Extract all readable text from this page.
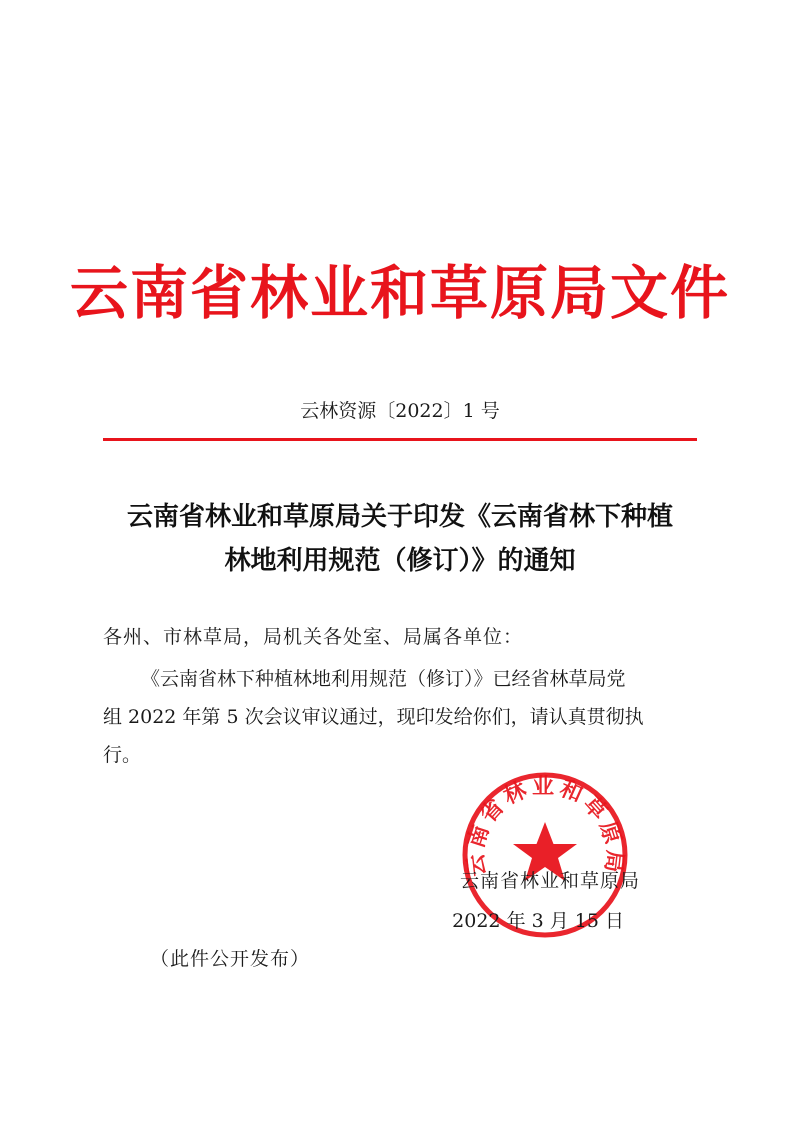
云南省林业和草原局文件
云林资源〔2022〕1 号
云南省林业和草原局关于印发《云南省林下种植
林地利用规范（修订）》的通知
各州、市林草局，局机关各处室、局属各单位：
《云南省林下种植林地利用规范（修订）》已经省林草局党
组 2022 年第 5 次会议审议通过，现印发给你们，请认真贯彻执
行。
云南省林业和草原局
云南省林业和草原局
2022 年 3 月 15 日
（此件公开发布）
